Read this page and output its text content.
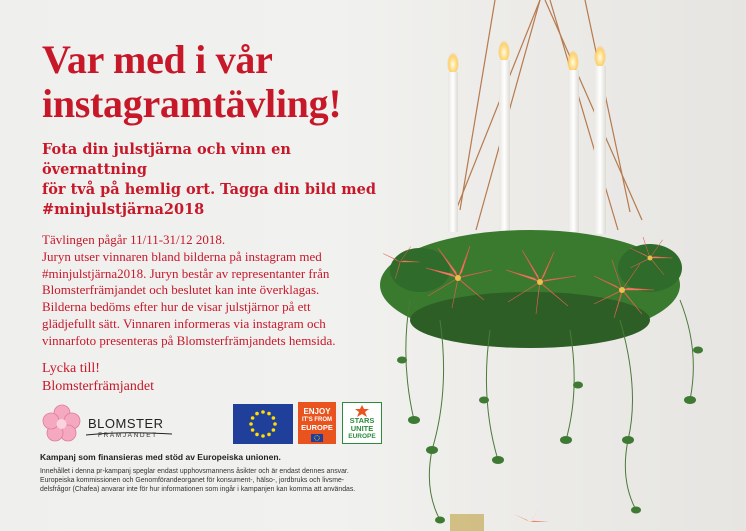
Var med i vår
instagramtävling!

Fota din julstjärna och vinn en övernattning
för två på hemlig ort. Tagga din bild med
#minjulstjärna2018

Tävlingen pågår 11/11-31/12 2018.
Juryn utser vinnaren bland bilderna på instagram med
#minjulstjärna2018. Juryn består av representanter från
Blomsterfrämjandet och beslutet kan inte överklagas.
Bilderna bedöms efter hur de visar julstjärnor på ett
glädjefullt sätt. Vinnaren informeras via instagram och
vinnarfoto presenteras på Blomsterfrämjandets hemsida.

Lycka till!
Blomsterfrämjandet

BLOMSTER
FRÄMJANDET
ENJOY
IT'S FROM
EUROPE
STARS
UNITE
EUROPE
Kampanj som finansieras med stöd av Europeiska unionen.
Innehållet i denna pr-kampanj speglar endast upphovsmannens åsikter och är endast dennes ansvar.
Europeiska kommissionen och Genomförandeorganet för konsument-, hälso-, jordbruks och livsme-
delsfrågor (Chafea) anvarar inte för hur informationen som ingår i kampanjen kan komma att användas.
